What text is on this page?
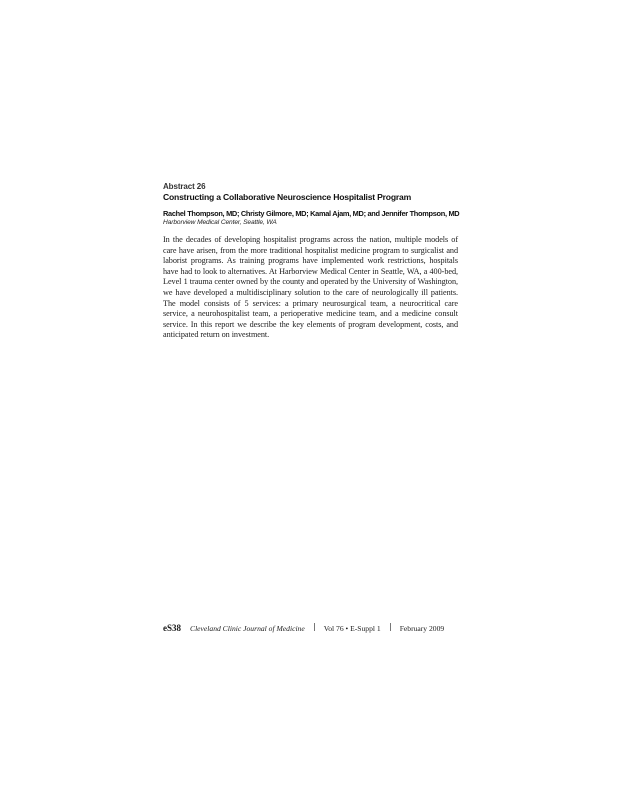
Abstract 26

Constructing a Collaborative Neuroscience Hospitalist Program

Rachel Thompson, MD; Christy Gilmore, MD; Kamal Ajam, MD; and Jennifer Thompson, MD

Harborview Medical Center, Seattle, WA

In the decades of developing hospitalist programs across the nation, multiple models of care have arisen, from the more traditional hospitalist medicine program to surgicalist and laborist programs. As training programs have implemented work restrictions, hospitals have had to look to alternatives. At Harborview Medical Center in Seattle, WA, a 400-bed, Level 1 trauma center owned by the county and operated by the University of Washington, we have developed a multidisciplinary solution to the care of neurologically ill patients. The model consists of 5 services: a primary neurosurgical team, a neurocritical care service, a neurohospitalist team, a perioperative medicine team, and a medicine consult service. In this report we describe the key elements of program development, costs, and anticipated return on investment.

eS38 Cleveland Clinic Journal of Medicine	Vol 76 • E-Suppl 1	February 2009
